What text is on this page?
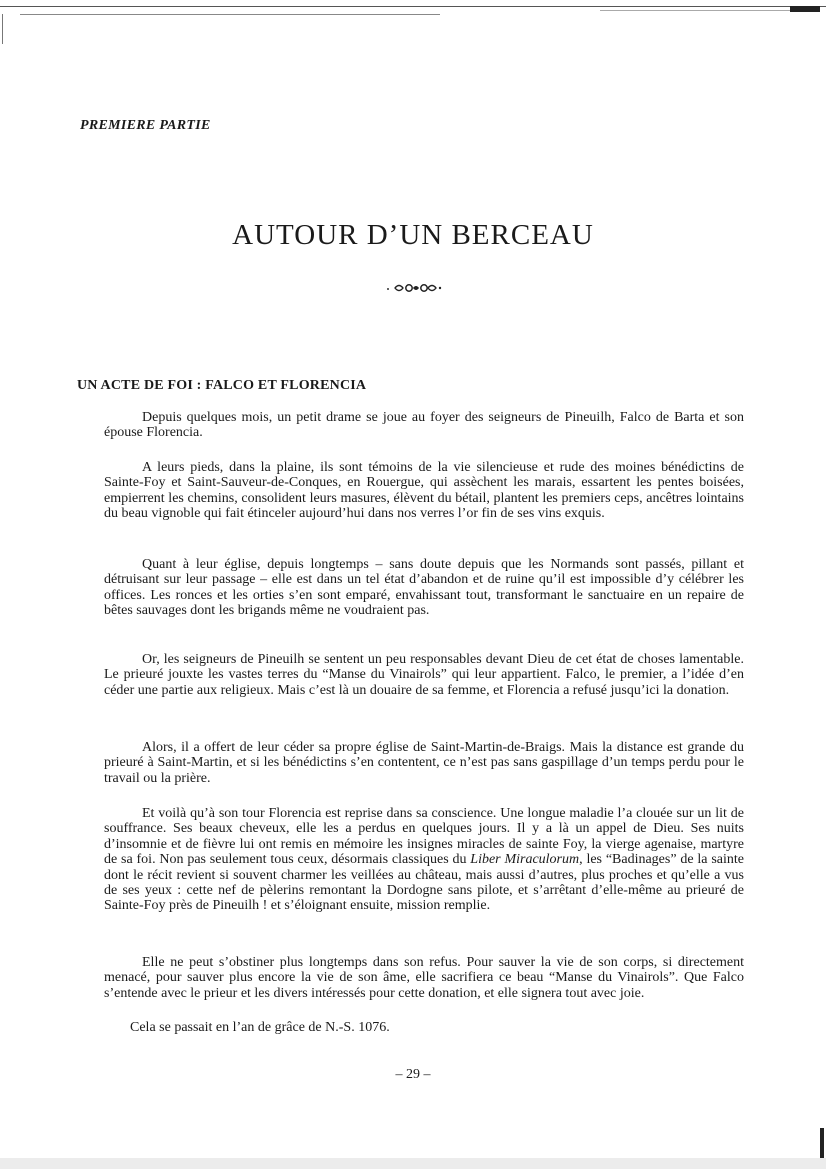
PREMIERE PARTIE
AUTOUR D’UN BERCEAU
UN ACTE DE FOI : FALCO ET FLORENCIA

Depuis quelques mois, un petit drame se joue au foyer des seigneurs de Pineuilh, Falco de Barta et son épouse Florencia.

A leurs pieds, dans la plaine, ils sont témoins de la vie silencieuse et rude des moines bénédictins de Sainte-Foy et Saint-Sauveur-de-Conques, en Rouergue, qui assèchent les marais, essartent les pentes boisées, empierrent les chemins, consolident leurs masures, élèvent du bétail, plantent les premiers ceps, ancêtres lointains du beau vignoble qui fait étinceler aujourd’hui dans nos verres l’or fin de ses vins exquis.

Quant à leur église, depuis longtemps – sans doute depuis que les Normands sont passés, pillant et détruisant sur leur passage – elle est dans un tel état d’abandon et de ruine qu’il est impossible d’y célébrer les offices. Les ronces et les orties s’en sont emparé, envahissant tout, transformant le sanctuaire en un repaire de bêtes sauvages dont les brigands même ne voudraient pas.

Or, les seigneurs de Pineuilh se sentent un peu responsables devant Dieu de cet état de choses lamentable. Le prieuré jouxte les vastes terres du “Manse du Vinairols” qui leur appartient. Falco, le premier, a l’idée d’en céder une partie aux religieux. Mais c’est là un douaire de sa femme, et Florencia a refusé jusqu’ici la donation.

Alors, il a offert de leur céder sa propre église de Saint-Martin-de-Braigs. Mais la distance est grande du prieuré à Saint-Martin, et si les bénédictins s’en contentent, ce n’est pas sans gaspillage d’un temps perdu pour le travail ou la prière.

Et voilà qu’à son tour Florencia est reprise dans sa conscience. Une longue maladie l’a clouée sur un lit de souffrance. Ses beaux cheveux, elle les a perdus en quelques jours. Il y a là un appel de Dieu. Ses nuits d’insomnie et de fièvre lui ont remis en mémoire les insignes miracles de sainte Foy, la vierge agenaise, martyre de sa foi. Non pas seulement tous ceux, désormais classiques du Liber Miraculorum, les “Badinages” de la sainte dont le récit revient si souvent charmer les veillées au château, mais aussi d’autres, plus proches et qu’elle a vus de ses yeux : cette nef de pèlerins remontant la Dordogne sans pilote, et s’arrêtant d’elle-même au prieuré de Sainte-Foy près de Pineuilh ! et s’éloignant ensuite, mission remplie.

Elle ne peut s’obstiner plus longtemps dans son refus. Pour sauver la vie de son corps, si directement menacé, pour sauver plus encore la vie de son âme, elle sacrifiera ce beau “Manse du Vinairols”. Que Falco s’entende avec le prieur et les divers intéressés pour cette donation, et elle signera tout avec joie.

Cela se passait en l’an de grâce de N.-S. 1076.

– 29 –
